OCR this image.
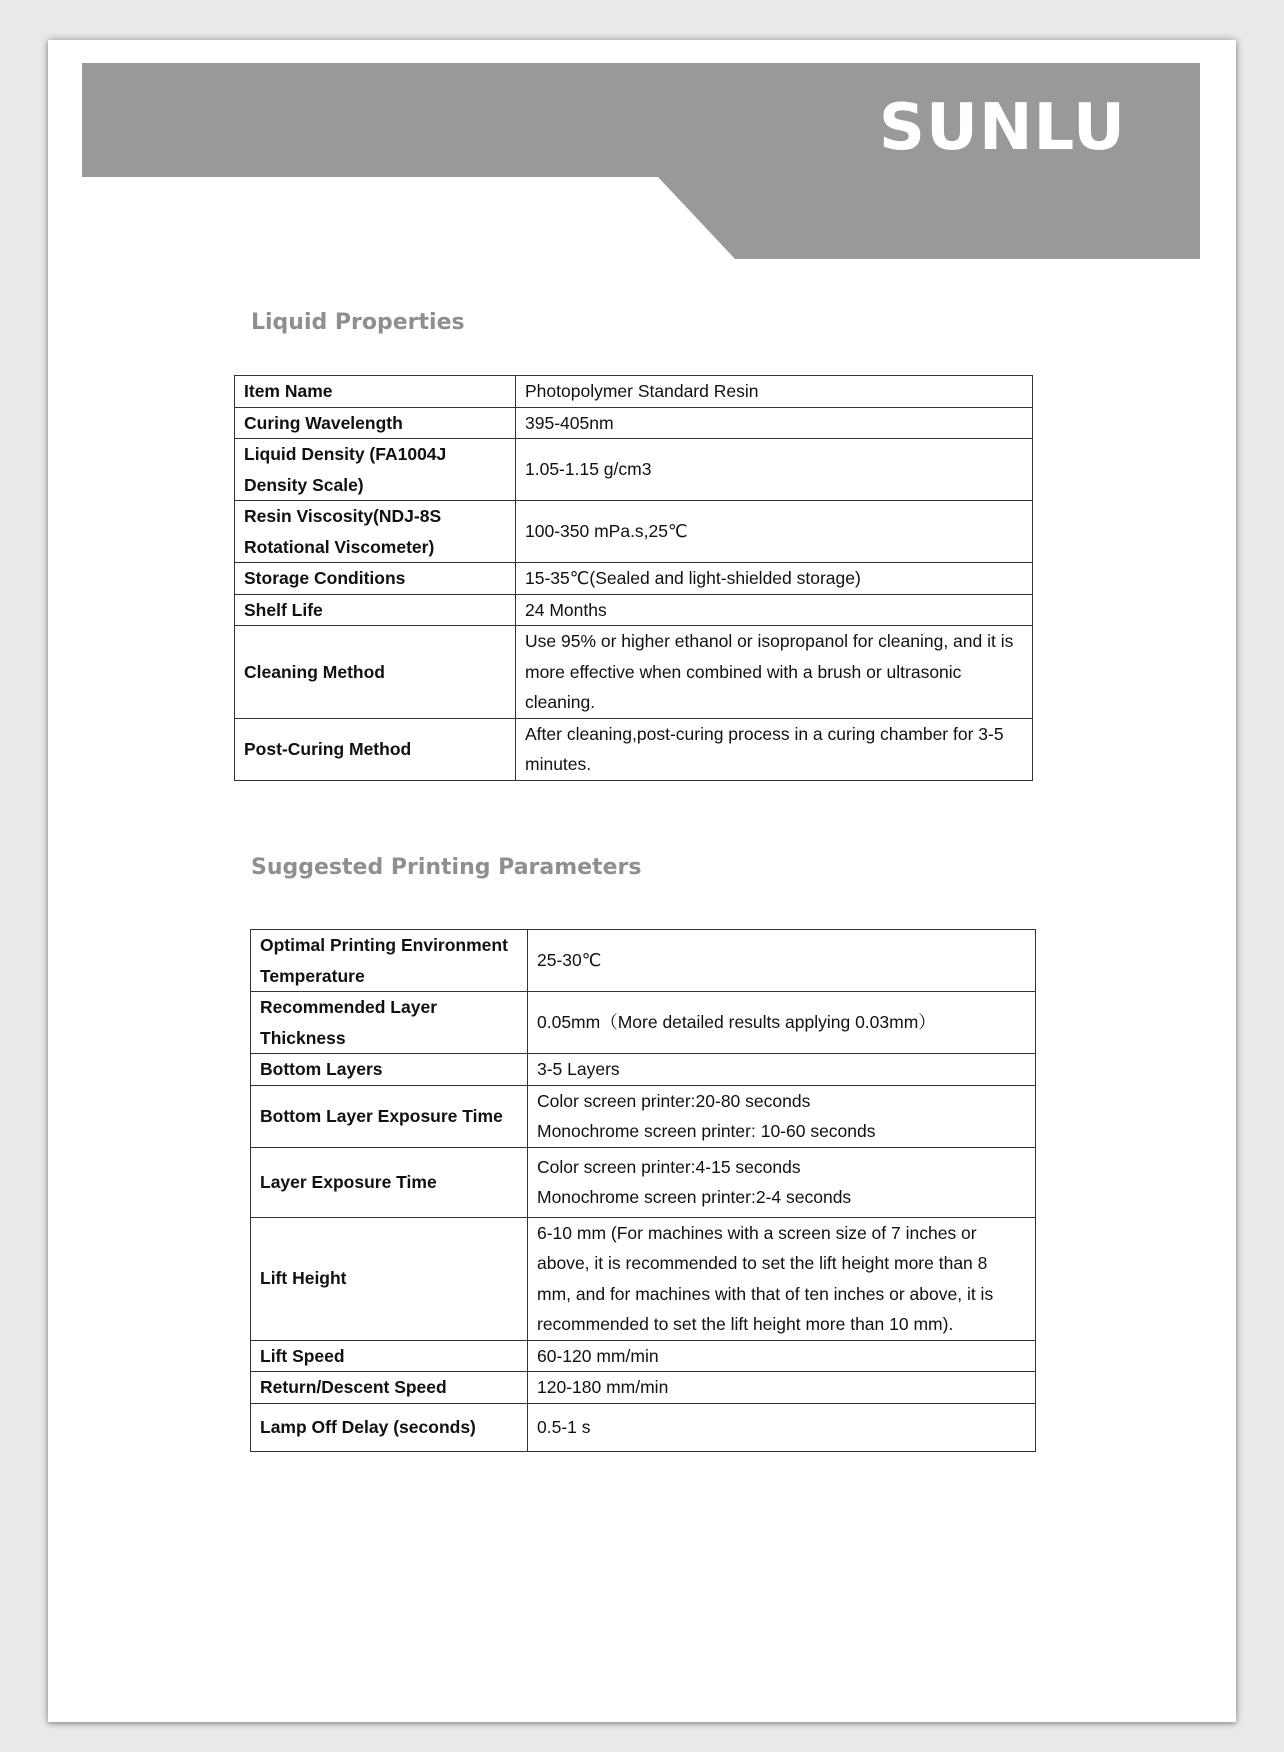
SUNLU
Liquid Properties
Item Name	Photopolymer Standard Resin
Curing Wavelength	395-405nm
Liquid Density (FA1004J Density Scale)	1.05-1.15 g/cm3
Resin Viscosity(NDJ-8S Rotational Viscometer)	100-350 mPa.s,25℃
Storage Conditions	15-35℃(Sealed and light-shielded storage)
Shelf Life	24 Months
Cleaning Method	Use 95% or higher ethanol or isopropanol for cleaning, and it is more effective when combined with a brush or ultrasonic cleaning.
Post-Curing Method	After cleaning,post-curing process in a curing chamber for 3-5 minutes.
Suggested Printing Parameters
Optimal Printing Environment Temperature	25-30℃
Recommended Layer Thickness	0.05mm（More detailed results applying 0.03mm）
Bottom Layers	3-5 Layers
Bottom Layer Exposure Time	Color screen printer:20-80 seconds
Monochrome screen printer: 10-60 seconds

Layer Exposure Time	Color screen printer:4-15 seconds
Monochrome screen printer:2-4 seconds

Lift Height	6-10 mm (For machines with a screen size of 7 inches or above, it is recommended to set the lift height more than 8 mm, and for machines with that of ten inches or above, it is recommended to set the lift height more than 10 mm).
Lift Speed	60-120 mm/min
Return/Descent Speed	120-180 mm/min
Lamp Off Delay (seconds)	0.5-1 s
